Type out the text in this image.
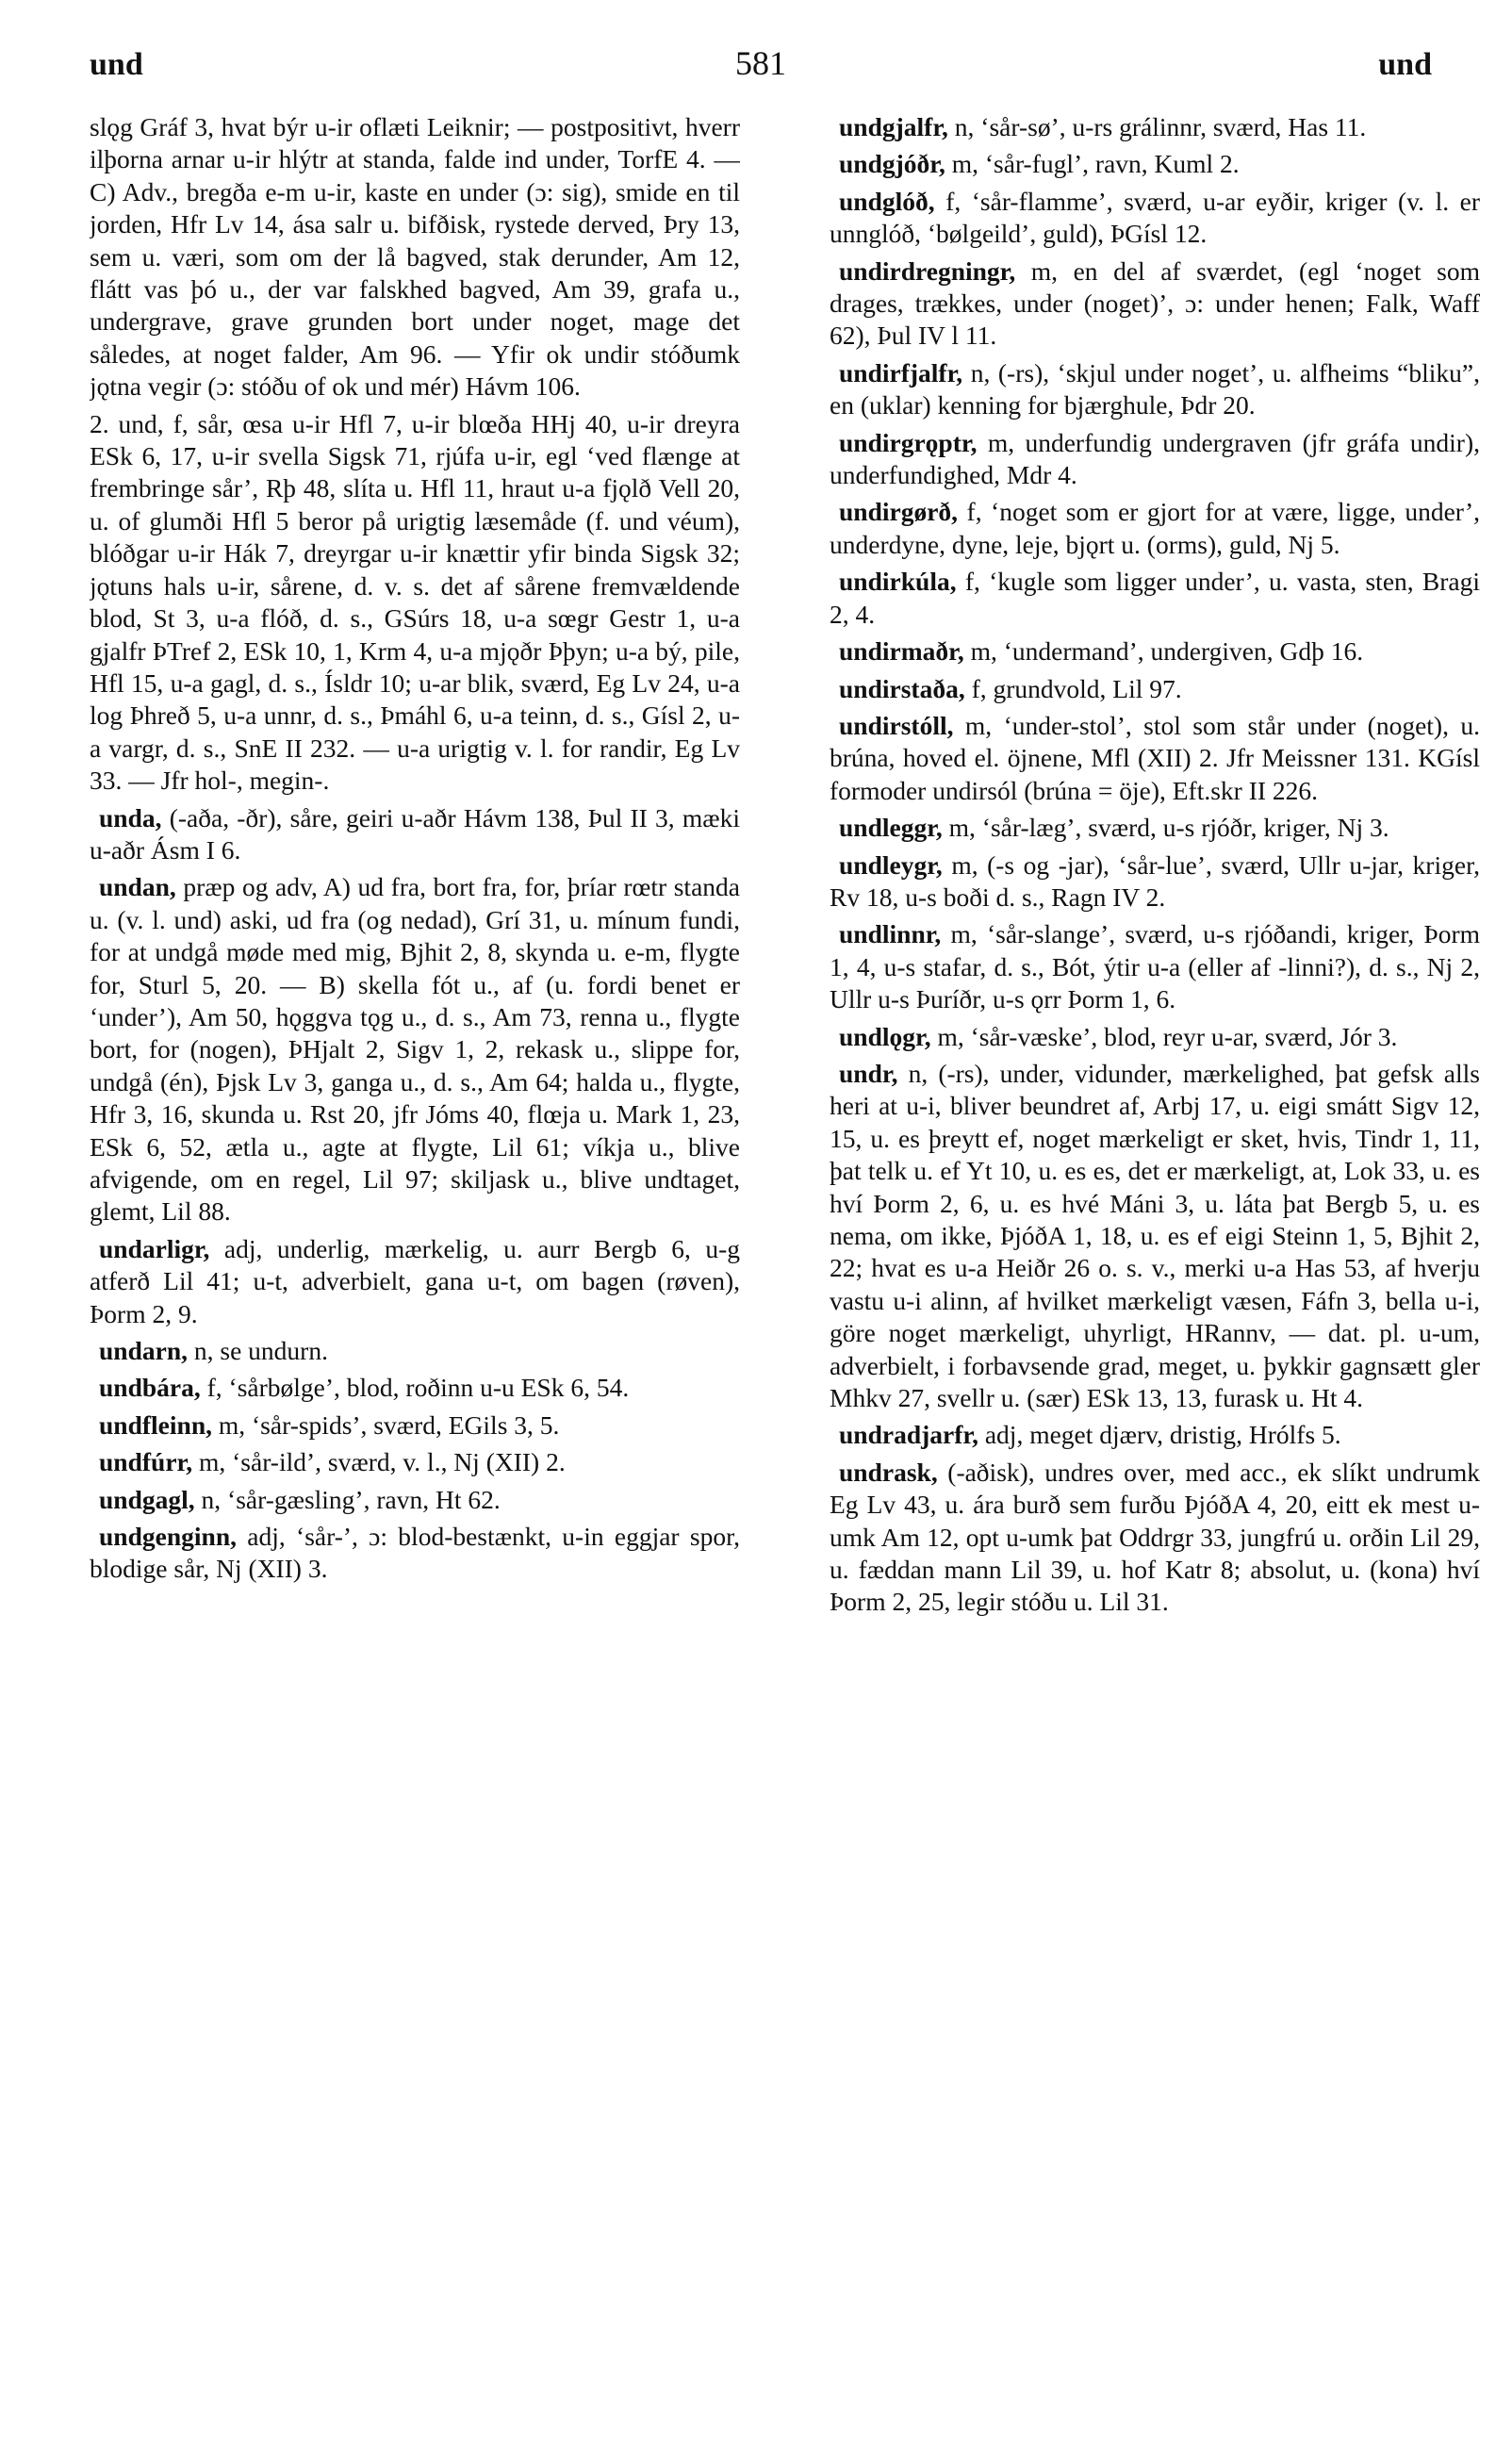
und	581	und

slǫg Gráf 3, hvat býr u-ir oflæti Leiknir; — postpositivt, hverr ilþorna arnar u-ir hlýtr at standa, falde ind under, TorfE 4. — C) Adv., bregða e-m u-ir, kaste en under (ɔ: sig), smide en til jorden, Hfr Lv 14, ása salr u. bifðisk, rystede derved, Þry 13, sem u. væri, som om der lå bagved, stak derunder, Am 12, flátt vas þó u., der var falskhed bagved, Am 39, grafa u., undergrave, grave grunden bort under noget, mage det således, at noget falder, Am 96. — Yfir ok undir stóðumk jǫtna vegir (ɔ: stóðu of ok und mér) Hávm 106.

2. und, f, sår, œsa u-ir Hfl 7, u-ir blœða HHj 40, u-ir dreyra ESk 6, 17, u-ir svella Sigsk 71, rjúfa u-ir, egl ‘ved flænge at frembringe sår’, Rþ 48, slíta u. Hfl 11, hraut u-a fjǫlð Vell 20, u. of glumði Hfl 5 beror på urigtig læsemåde (f. und véum), blóðgar u-ir Hák 7, dreyrgar u-ir knættir yfir binda Sigsk 32; jǫtuns hals u-ir, sårene, d. v. s. det af sårene fremvældende blod, St 3, u-a flóð, d. s., GSúrs 18, u-a sœgr Gestr 1, u-a gjalfr ÞTref 2, ESk 10, 1, Krm 4, u-a mjǫðr Þþyn; u-a bý, pile, Hfl 15, u-a gagl, d. s., Ísldr 10; u-ar blik, sværd, Eg Lv 24, u-a log Þhreð 5, u-a unnr, d. s., Þmáhl 6, u-a teinn, d. s., Gísl 2, u-a vargr, d. s., SnE II 232. — u-a urigtig v. l. for randir, Eg Lv 33. — Jfr hol-, megin-.

unda, (-aða, -ðr), såre, geiri u-aðr Hávm 138, Þul II 3, mæki u-aðr Ásm I 6.

undan, præp og adv, A) ud fra, bort fra, for, þríar rœtr standa u. (v. l. und) aski, ud fra (og nedad), Grí 31, u. mínum fundi, for at undgå møde med mig, Bjhit 2, 8, skynda u. e-m, flygte for, Sturl 5, 20. — B) skella fót u., af (u. fordi benet er ‘under’), Am 50, hǫggva tǫg u., d. s., Am 73, renna u., flygte bort, for (nogen), ÞHjalt 2, Sigv 1, 2, rekask u., slippe for, undgå (én), Þjsk Lv 3, ganga u., d. s., Am 64; halda u., flygte, Hfr 3, 16, skunda u. Rst 20, jfr Jóms 40, flœja u. Mark 1, 23, ESk 6, 52, ætla u., agte at flygte, Lil 61; víkja u., blive afvigende, om en regel, Lil 97; skiljask u., blive undtaget, glemt, Lil 88.

undarligr, adj, underlig, mærkelig, u. aurr Bergb 6, u-g atferð Lil 41; u-t, adverbielt, gana u-t, om bagen (røven), Þorm 2, 9.

undarn, n, se undurn.

undbára, f, ‘sårbølge’, blod, roðinn u-u ESk 6, 54.

undfleinn, m, ‘sår-spids’, sværd, EGils 3, 5.

undfúrr, m, ‘sår-ild’, sværd, v. l., Nj (XII) 2.

undgagl, n, ‘sår-gæsling’, ravn, Ht 62.

undgenginn, adj, ‘sår-’, ɔ: blod-bestænkt, u-in eggjar spor, blodige sår, Nj (XII) 3.

undgjalfr, n, ‘sår-sø’, u-rs grálinnr, sværd, Has 11.

undgjóðr, m, ‘sår-fugl’, ravn, Kuml 2.

undglóð, f, ‘sår-flamme’, sværd, u-ar eyðir, kriger (v. l. er unnglóð, ‘bølgeild’, guld), ÞGísl 12.

undirdregningr, m, en del af sværdet, (egl ‘noget som drages, trækkes, under (noget)’, ɔ: under henen; Falk, Waff 62), Þul IV l 11.

undirfjalfr, n, (-rs), ‘skjul under noget’, u. alfheims “bliku”, en (uklar) kenning for bjærghule, Þdr 20.

undirgrǫptr, m, underfundig undergraven (jfr gráfa undir), underfundighed, Mdr 4.

undirgørð, f, ‘noget som er gjort for at være, ligge, under’, underdyne, dyne, leje, bjǫrt u. (orms), guld, Nj 5.

undirkúla, f, ‘kugle som ligger under’, u. vasta, sten, Bragi 2, 4.

undirmaðr, m, ‘undermand’, undergiven, Gdþ 16.

undirstaða, f, grundvold, Lil 97.

undirstóll, m, ‘under-stol’, stol som står under (noget), u. brúna, hoved el. öjnene, Mfl (XII) 2. Jfr Meissner 131. KGísl formoder undirsól (brúna = öje), Eft.skr II 226.

undleggr, m, ‘sår-læg’, sværd, u-s rjóðr, kriger, Nj 3.

undleygr, m, (-s og -jar), ‘sår-lue’, sværd, Ullr u-jar, kriger, Rv 18, u-s boði d. s., Ragn IV 2.

undlinnr, m, ‘sår-slange’, sværd, u-s rjóðandi, kriger, Þorm 1, 4, u-s stafar, d. s., Bót, ýtir u-a (eller af -linni?), d. s., Nj 2, Ullr u-s Þuríðr, u-s ǫrr Þorm 1, 6.

undlǫgr, m, ‘sår-væske’, blod, reyr u-ar, sværd, Jór 3.

undr, n, (-rs), under, vidunder, mærkelighed, þat gefsk alls heri at u-i, bliver beundret af, Arbj 17, u. eigi smátt Sigv 12, 15, u. es þreytt ef, noget mærkeligt er sket, hvis, Tindr 1, 11, þat telk u. ef Yt 10, u. es es, det er mærkeligt, at, Lok 33, u. es hví Þorm 2, 6, u. es hvé Máni 3, u. láta þat Bergb 5, u. es nema, om ikke, ÞjóðA 1, 18, u. es ef eigi Steinn 1, 5, Bjhit 2, 22; hvat es u-a Heiðr 26 o. s. v., merki u-a Has 53, af hverju vastu u-i alinn, af hvilket mærkeligt væsen, Fáfn 3, bella u-i, göre noget mærkeligt, uhyrligt, HRannv, — dat. pl. u-um, adverbielt, i forbavsende grad, meget, u. þykkir gagnsætt gler Mhkv 27, svellr u. (sær) ESk 13, 13, furask u. Ht 4.

undradjarfr, adj, meget djærv, dristig, Hrólfs 5.

undrask, (-aðisk), undres over, med acc., ek slíkt undrumk Eg Lv 43, u. ára burð sem furðu ÞjóðA 4, 20, eitt ek mest u-umk Am 12, opt u-umk þat Oddrgr 33, jungfrú u. orðin Lil 29, u. fæddan mann Lil 39, u. hof Katr 8; absolut, u. (kona) hví Þorm 2, 25, legir stóðu u. Lil 31.
